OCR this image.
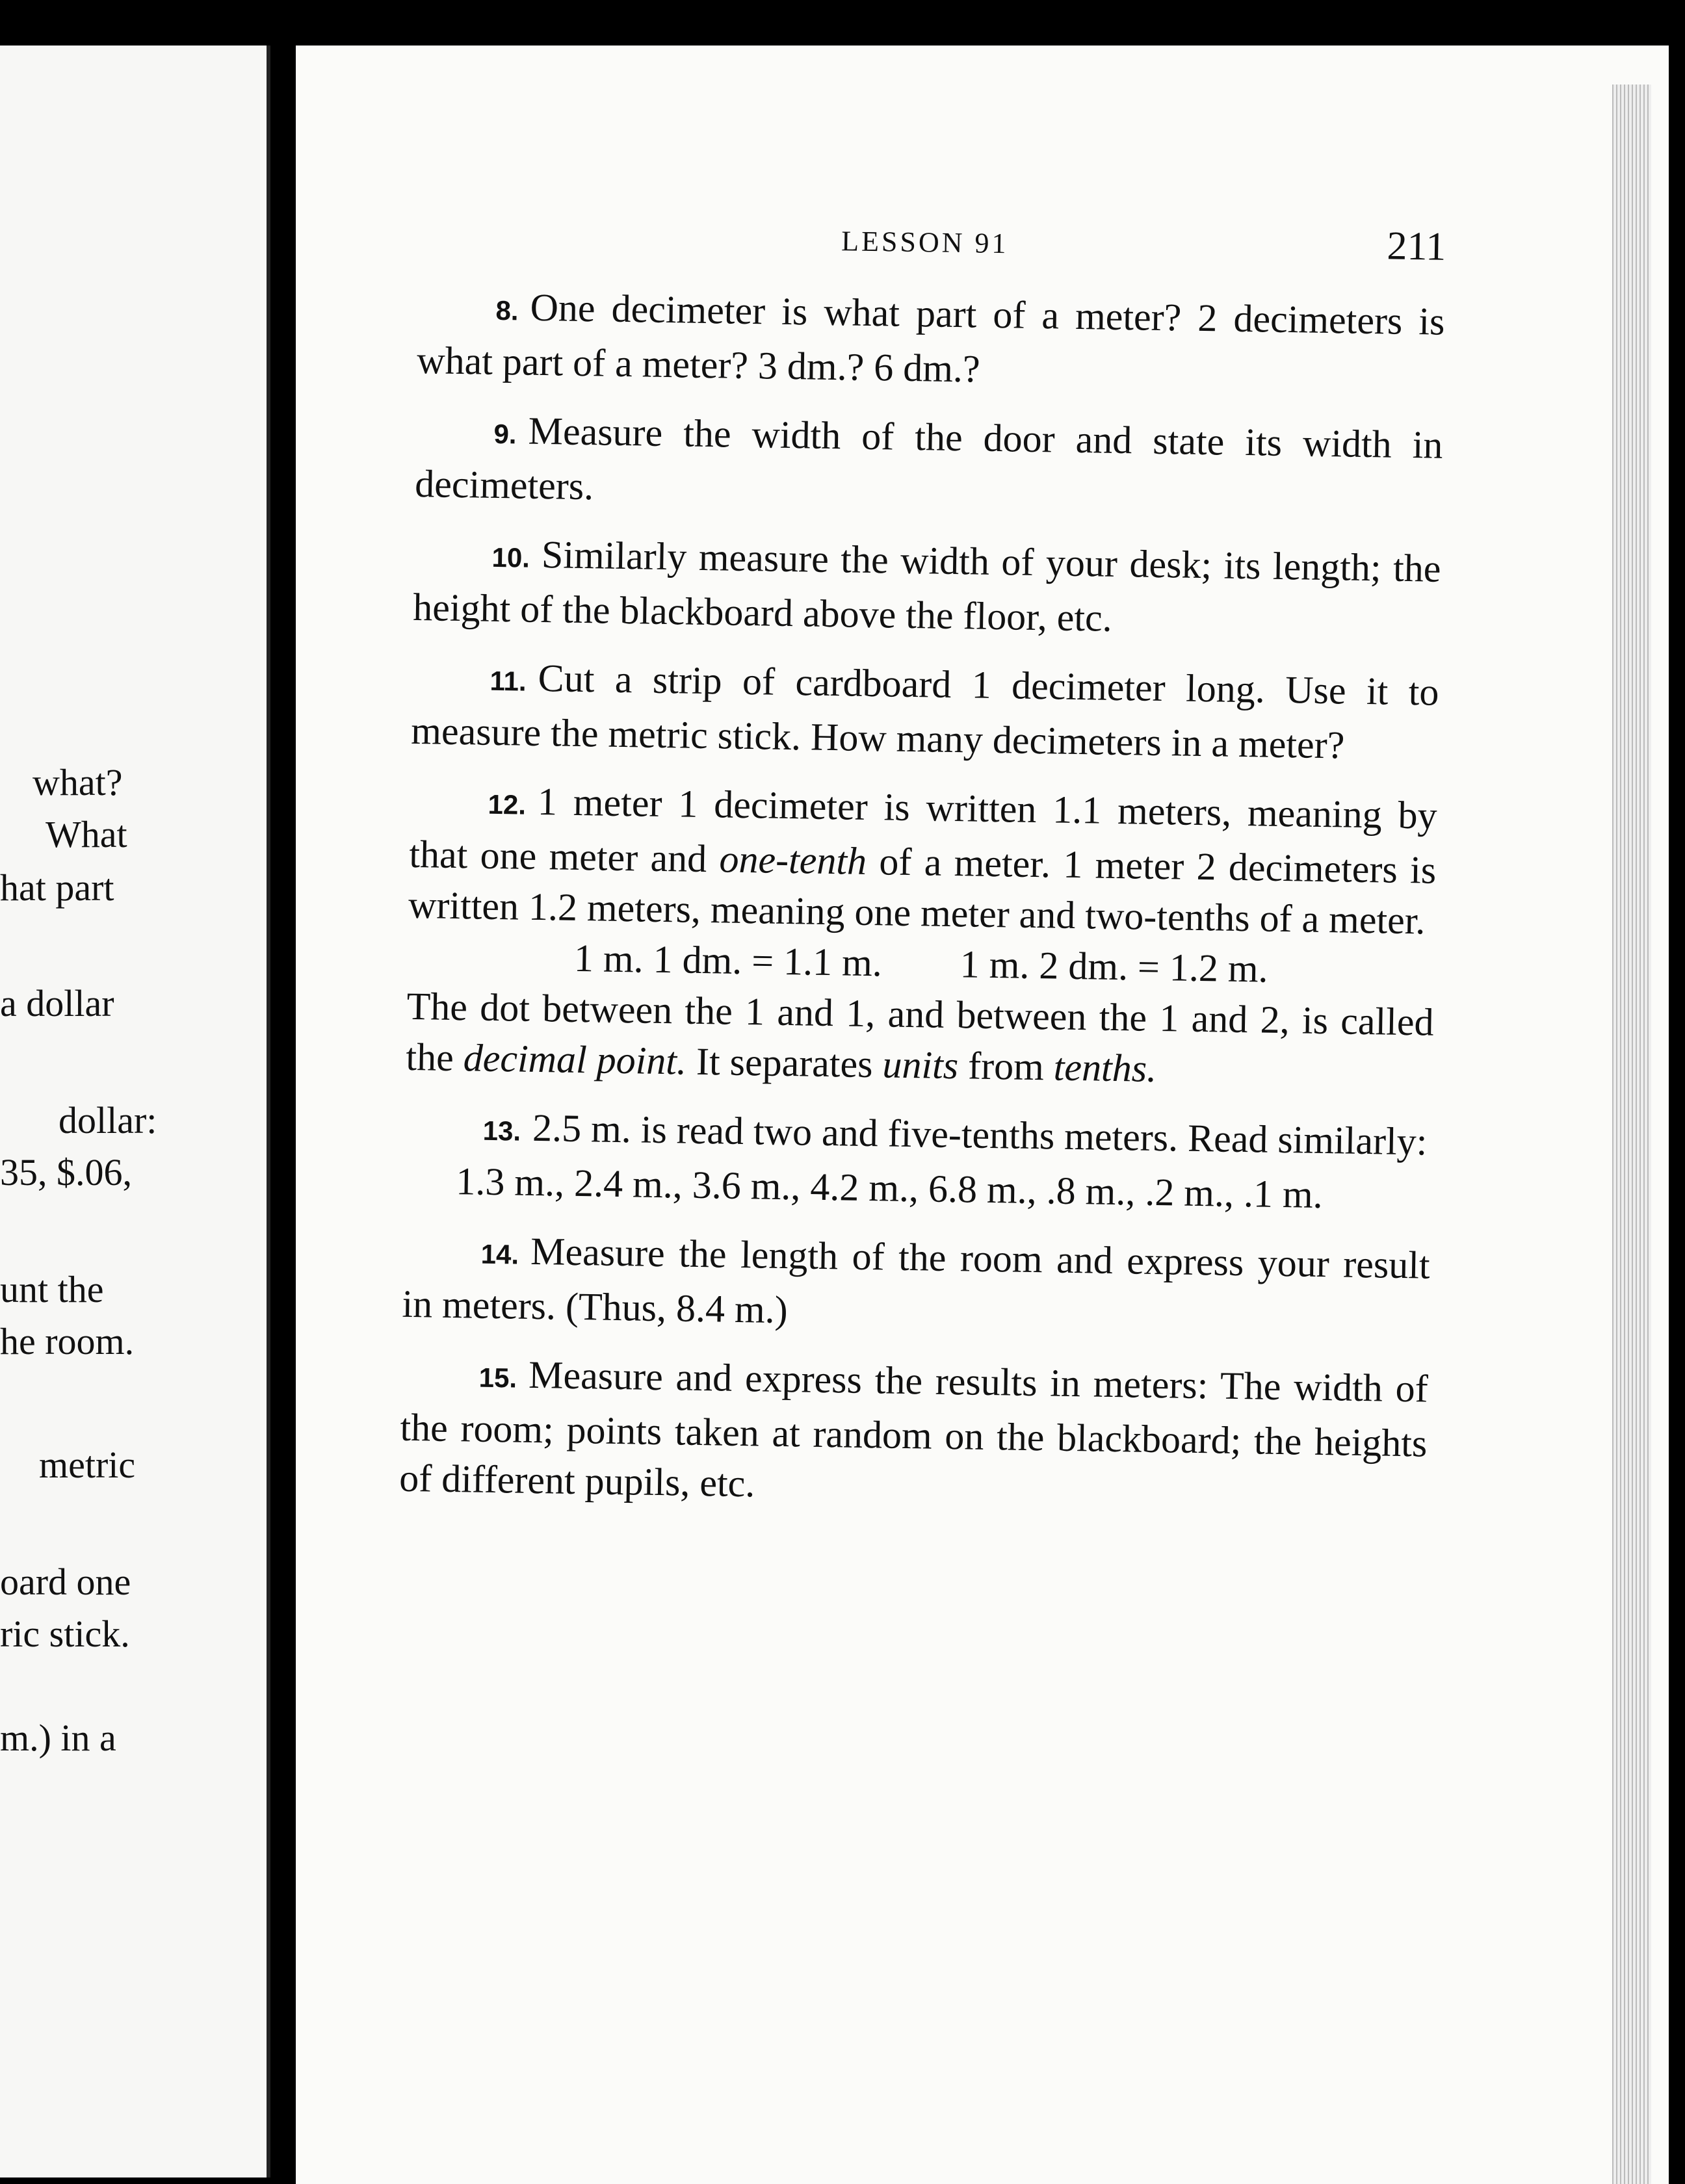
what?
What
hat part
a dollar
dollar:
35, $.06,
unt the
he room.
metric
oard one
ric stick.
m.) in a
LESSON 91	211

8. One decimeter is what part of a meter? 2 decimeters is what part of a meter? 3 dm.? 6 dm.?

9. Measure the width of the door and state its width in decimeters.

10. Similarly measure the width of your desk; its length; the height of the blackboard above the floor, etc.

11. Cut a strip of cardboard 1 decimeter long. Use it to measure the metric stick. How many decimeters in a meter?

12. 1 meter 1 decimeter is written 1.1 meters, meaning by that one meter and one-tenth of a meter. 1 meter 2 decimeters is written 1.2 meters, meaning one meter and two-tenths of a meter.

1 m. 1 dm. = 1.1 m.        1 m. 2 dm. = 1.2 m.

The dot between the 1 and 1, and between the 1 and 2, is called the decimal point. It separates units from tenths.

13. 2.5 m. is read two and five-tenths meters. Read similarly:

1.3 m., 2.4 m., 3.6 m., 4.2 m., 6.8 m., .8 m., .2 m., .1 m.

14. Measure the length of the room and express your result in meters. (Thus, 8.4 m.)

15. Measure and express the results in meters: The width of the room; points taken at random on the blackboard; the heights of different pupils, etc.
